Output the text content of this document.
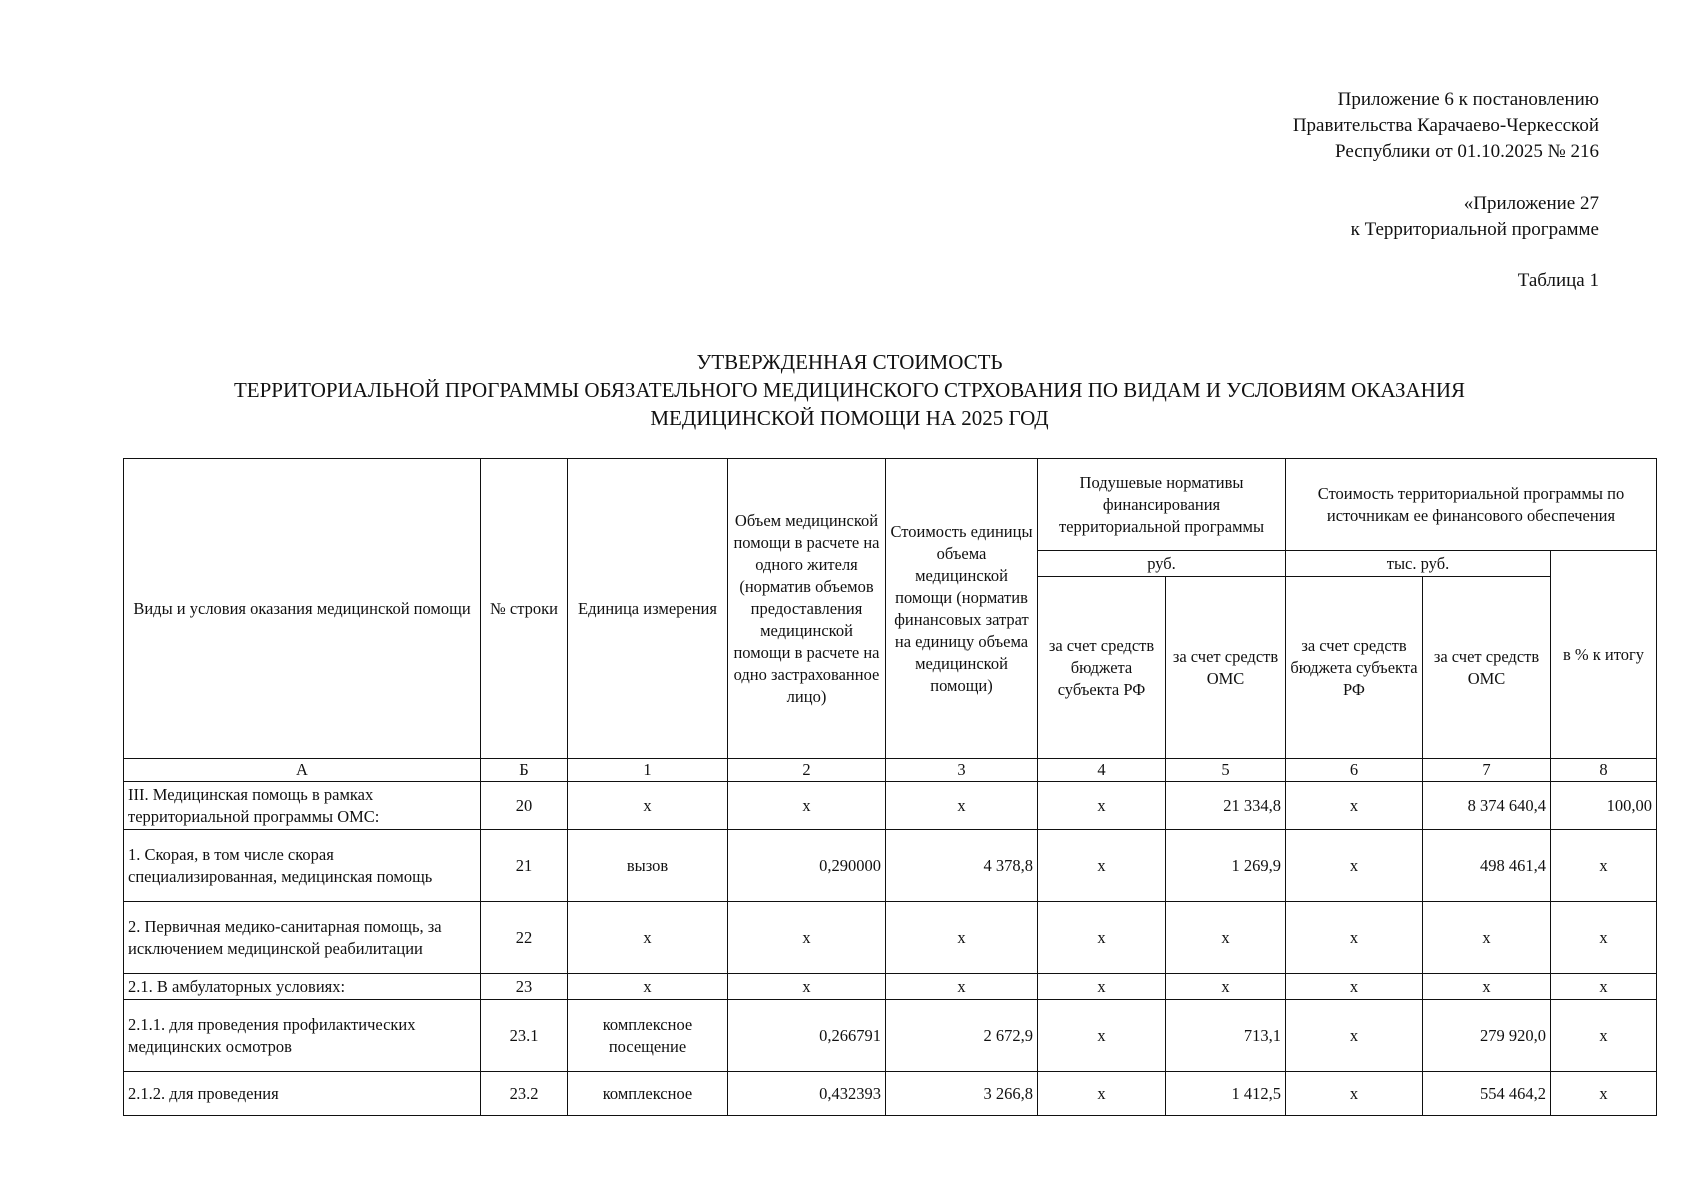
Приложение 6 к постановлению
Правительства Карачаево-Черкесской
Республики от 01.10.2025 № 216
«Приложение 27
к Территориальной программе
Таблица 1
УТВЕРЖДЕННАЯ СТОИМОСТЬ
ТЕРРИТОРИАЛЬНОЙ ПРОГРАММЫ ОБЯЗАТЕЛЬНОГО МЕДИЦИНСКОГО СТРХОВАНИЯ ПО ВИДАМ И УСЛОВИЯМ ОКАЗАНИЯ
МЕДИЦИНСКОЙ ПОМОЩИ НА 2025 ГОД
Виды и условия оказания медицинской помощи	№ строки	Единица измерения	Объем медицинской помощи в расчете на одного жителя (норматив объемов предоставления медицинской помощи в расчете на одно застрахованное лицо)	Стоимость единицы объема медицинской помощи (норматив финансовых затрат на единицу объема медицинской помощи)	Подушевые нормативы финансирования территориальной программы		Стоимость территориальной программы по источникам ее финансового обеспечения		
					руб.		тыс. руб.		в % к итогу
					за счет средств бюджета субъекта РФ	за счет средств ОМС	за счет средств бюджета субъекта РФ	за счет средств ОМС	
А	Б	1	2	3	4	5	6	7	8
III. Медицинская помощь в рамках территориальной программы ОМС:	20	х	х	х	х	21 334,8	х	8 374 640,4	100,00
1. Скорая, в том числе скорая специализированная, медицинская помощь	21	вызов	0,290000	4 378,8	х	1 269,9	х	498 461,4	х
2. Первичная медико-санитарная помощь, за исключением медицинской реабилитации	22	х	х	х	х	х	х	х	х
2.1. В амбулаторных условиях:	23	х	х	х	х	х	х	х	х
2.1.1. для проведения профилактических медицинских осмотров	23.1	комплексное посещение	0,266791	2 672,9	х	713,1	х	279 920,0	х
2.1.2. для проведения	23.2	комплексное	0,432393	3 266,8	х	1 412,5	х	554 464,2	х
